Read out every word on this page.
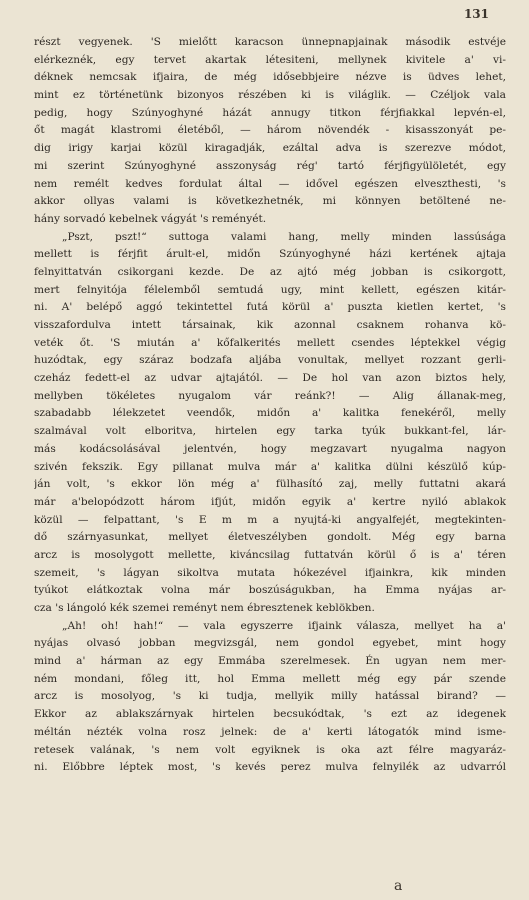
131
részt vegyenek. 'S mielőtt karacson ünnepnapjainak második estvéje
elérkeznék, egy tervet akartak létesiteni, mellynek kivitele a' vi-
déknek nemcsak ifjaira, de még idősebbjeire nézve is üdves lehet,
mint ez történetünk bizonyos részében ki is világlik. — Czéljok vala
pedig, hogy Szúnyoghyné házát annugy titkon férjfiakkal lepvén-el,
őt magát klastromi életéből, — három növendék - kisasszonyát pe-
dig irigy karjai közül kiragadják, ezáltal adva is szerezve módot,
mi szerint Szúnyoghyné asszonyság rég' tartó férjfigyülöletét, egy
nem remélt kedves fordulat által — idővel egészen elveszthesti, 's
akkor ollyas valami is következhetnék, mi könnyen betöltené ne-
hány sorvadó kebelnek vágyát 's reményét.
„Pszt, pszt!“ suttoga valami hang, melly minden lassúsága
mellett is férjfit árult-el, midőn Szúnyoghyné házi kertének ajtaja
felnyittatván csikorgani kezde. De az ajtó még jobban is csikorgott,
mert felnyitója félelemből semtudá ugy, mint kellett, egészen kitár-
ni. A' belépő aggó tekintettel futá körül a' puszta kietlen kertet, 's
visszafordulva intett társainak, kik azonnal csaknem rohanva kö-
veték őt. 'S miután a' kőfalkerités mellett csendes léptekkel végig
huzódtak, egy száraz bodzafa aljába vonultak, mellyet rozzant gerli-
czeház fedett-el az udvar ajtajától. — De hol van azon biztos hely,
mellyben tökéletes nyugalom vár reánk?! — Alig állanak-meg,
szabadabb lélekzetet veendők, midőn a' kalitka fenekéről, melly
szalmával volt elboritva, hirtelen egy tarka tyúk bukkant-fel, lár-
más kodácsolásával jelentvén, hogy megzavart nyugalma nagyon
szivén fekszik. Egy pillanat mulva már a' kalitka dülni készülő kúp-
ján volt, 's ekkor lön még a' fülhasító zaj, melly futtatni akará
már a'belopódzott három ifjút, midőn egyik a' kertre nyiló ablakok
közül — felpattant, 's E m m a nyujtá-ki angyalfejét, megtekinten-
dő szárnyasunkat, mellyet életveszélyben gondolt. Még egy barna
arcz is mosolygott mellette, kiváncsilag futtatván körül ő is a' téren
szemeit, 's lágyan sikoltva mutata hókezével ifjainkra, kik minden
tyúkot elátkoztak volna már boszúságukban, ha Emma nyájas ar-
cza 's lángoló kék szemei reményt nem ébresztenek keblökben.
„Ah! oh! hah!“ — vala egyszerre ifjaink válasza, mellyet ha a'
nyájas olvasó jobban megvizsgál, nem gondol egyebet, mint hogy
mind a' hárman az egy Emmába szerelmesek. Én ugyan nem mer-
ném mondani, főleg itt, hol Emma mellett még egy pár szende
arcz is mosolyog, 's ki tudja, mellyik milly hatással birand? —
Ekkor az ablakszárnyak hirtelen becsukódtak, 's ezt az idegenek
méltán nézték volna rosz jelnek: de a' kerti látogatók mind isme-
retesek valának, 's nem volt egyiknek is oka azt félre magyaráz-
ni. Előbbre léptek most, 's kevés perez mulva felnyilék az udvarról
a
